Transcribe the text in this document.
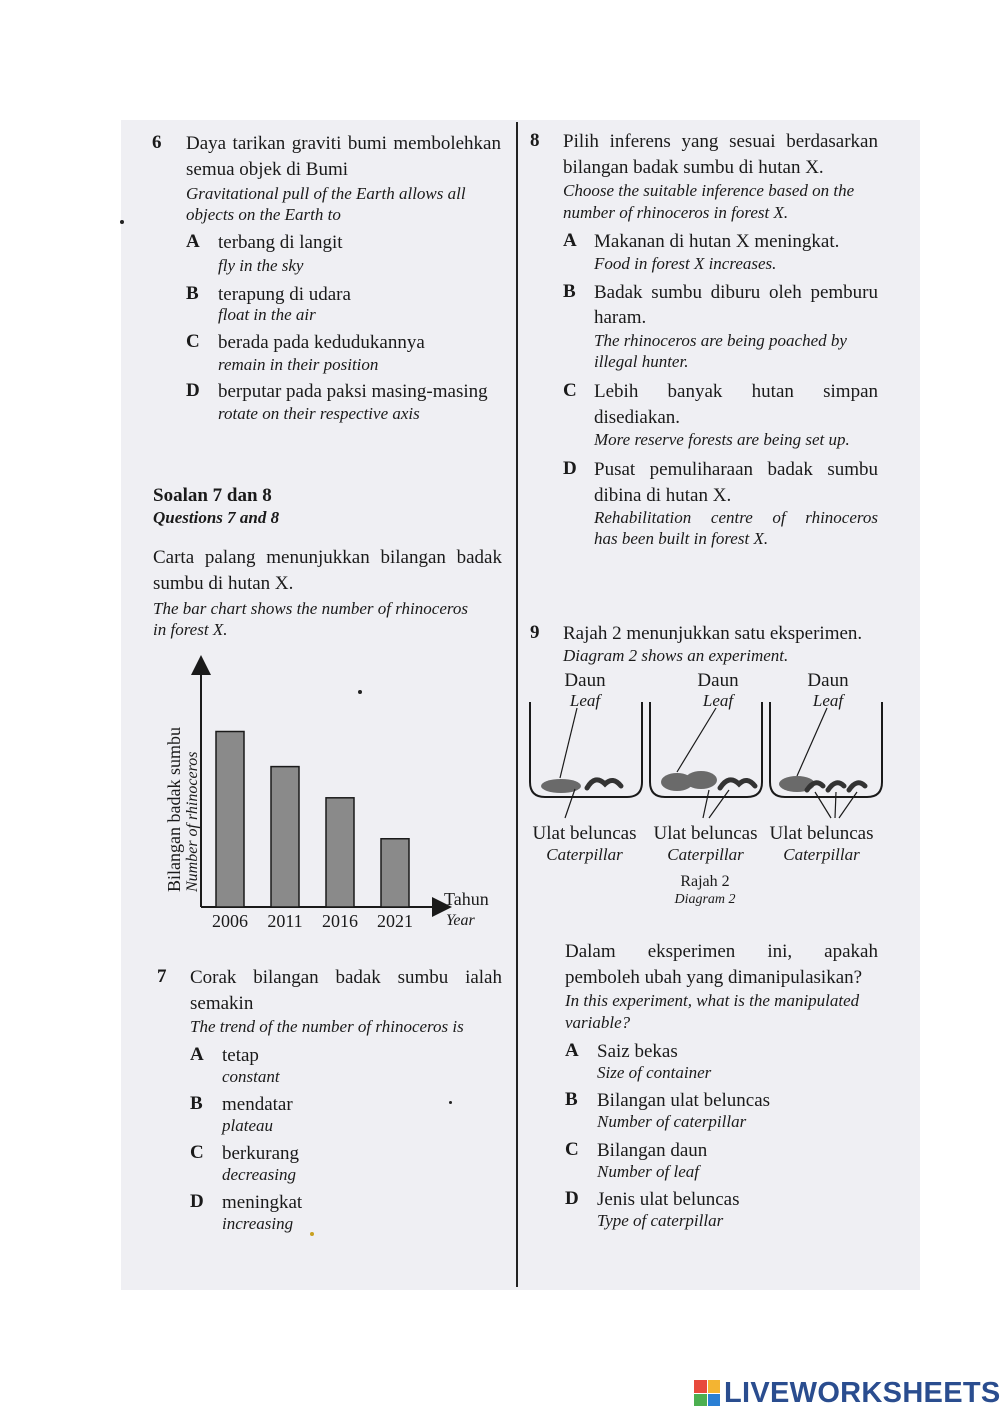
6 Daya tarikan graviti bumi membolehkan
semua objek di Bumi
Gravitational pull of the Earth allows all
objects on the Earth to
A terbang di langit
fly in the sky
B terapung di udara
float in the air
C berada pada kedudukannya
remain in their position
D berputar pada paksi masing-masing
rotate on their respective axis
Soalan 7 dan 8
Questions 7 and 8
Carta palang menunjukkan bilangan badak
sumbu di hutan X.
The bar chart shows the number of rhinoceros
in forest X.
2006 2011 2016 2021
Bilangan badak sumbu Number of rhinoceros
Tahun
Year
7 Corak bilangan badak sumbu ialah
semakin
The trend of the number of rhinoceros is
A tetap
constant
B mendatar
plateau
C berkurang
decreasing
D meningkat
increasing
8 Pilih inferens yang sesuai berdasarkan
bilangan badak sumbu di hutan X.
Choose the suitable inference based on the
number of rhinoceros in forest X.
A Makanan di hutan X meningkat.
Food in forest X increases.
B Badak sumbu diburu oleh pemburu
haram.
The rhinoceros are being poached by
illegal hunter.
C Lebih banyak hutan simpan
disediakan.
More reserve forests are being set up.
D Pusat pemuliharaan badak sumbu
dibina di hutan X.
Rehabilitation centre of rhinoceros
has been built in forest X.
9 Rajah 2 menunjukkan satu eksperimen.
Diagram 2 shows an experiment.
Daun
Leaf
Daun
Leaf
Daun
Leaf
Ulat beluncas
Caterpillar
Ulat beluncas
Caterpillar
Ulat beluncas
Caterpillar
Rajah 2
Diagram 2
Dalam eksperimen ini, apakah
pemboleh ubah yang dimanipulasikan?
In this experiment, what is the manipulated
variable?
A Saiz bekas
Size of container
B Bilangan ulat beluncas
Number of caterpillar
C Bilangan daun
Number of leaf
D Jenis ulat beluncas
Type of caterpillar
LIVEWORKSHEETS
